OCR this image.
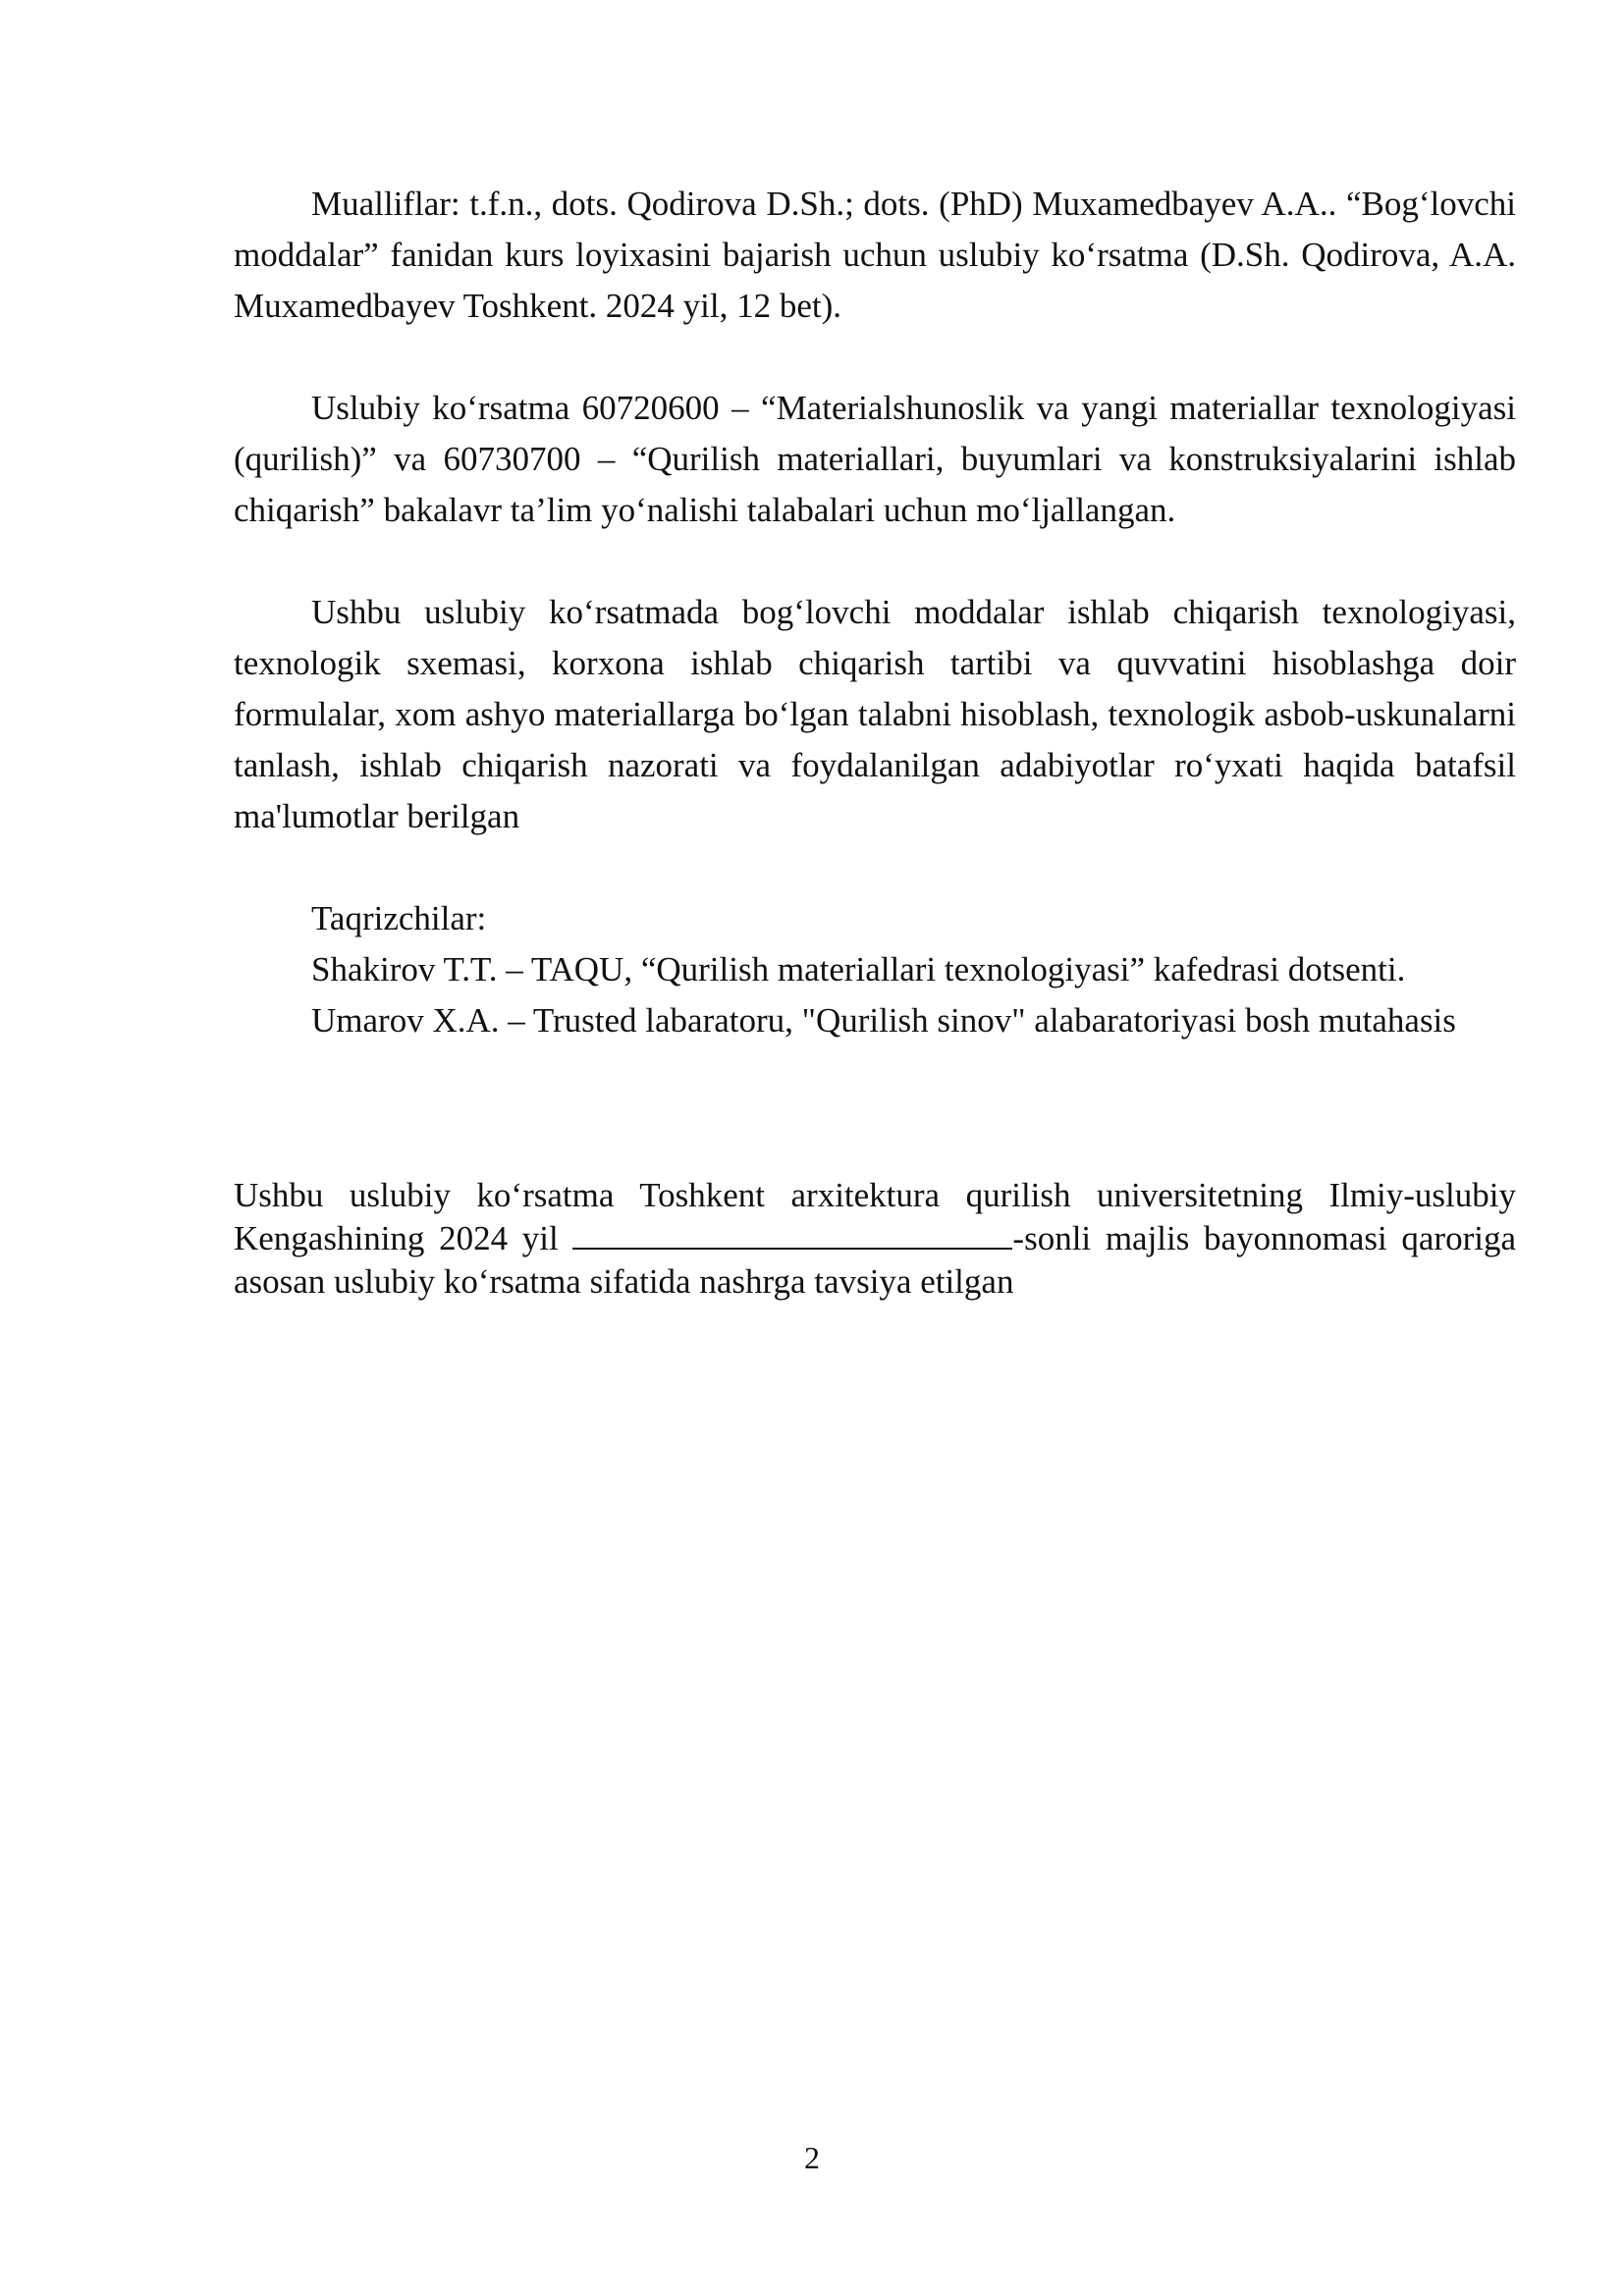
Mualliflar: t.f.n., dots. Qodirova D.Sh.; dots. (PhD) Muxamedbayev A.A.. “Bog‘lovchi moddalar” fanidan kurs loyixasini bajarish uchun uslubiy ko‘rsatma (D.Sh. Qodirova, A.A. Muxamedbayev Toshkent. 2024 yil, 12 bet).

Uslubiy ko‘rsatma 60720600 – “Materialshunoslik va yangi materiallar texnologiyasi (qurilish)” va 60730700 – “Qurilish materiallari, buyumlari va konstruksiyalarini ishlab chiqarish” bakalavr ta’lim yo‘nalishi talabalari uchun mo‘ljallangan.

Ushbu uslubiy ko‘rsatmada bog‘lovchi moddalar ishlab chiqarish texnologiyasi, texnologik sxemasi, korxona ishlab chiqarish tartibi va quvvatini hisoblashga doir formulalar, xom ashyo materiallarga bo‘lgan talabni hisoblash, texnologik asbob-uskunalarni tanlash, ishlab chiqarish nazorati va foydalanilgan adabiyotlar ro‘yxati haqida batafsil ma'lumotlar berilgan

Taqrizchilar:

Shakirov T.T. – TAQU, “Qurilish materiallari texnologiyasi” kafedrasi dotsenti.

Umarov X.A. – Trusted labaratoru, "Qurilish sinov" alabaratoriyasi bosh mutahasis

Ushbu uslubiy ko‘rsatma Toshkent arxitektura qurilish universitetning Ilmiy-uslubiy Kengashining 2024 yil	-sonli majlis bayonnomasi qaroriga asosan uslubiy ko‘rsatma sifatida nashrga tavsiya etilgan

2
